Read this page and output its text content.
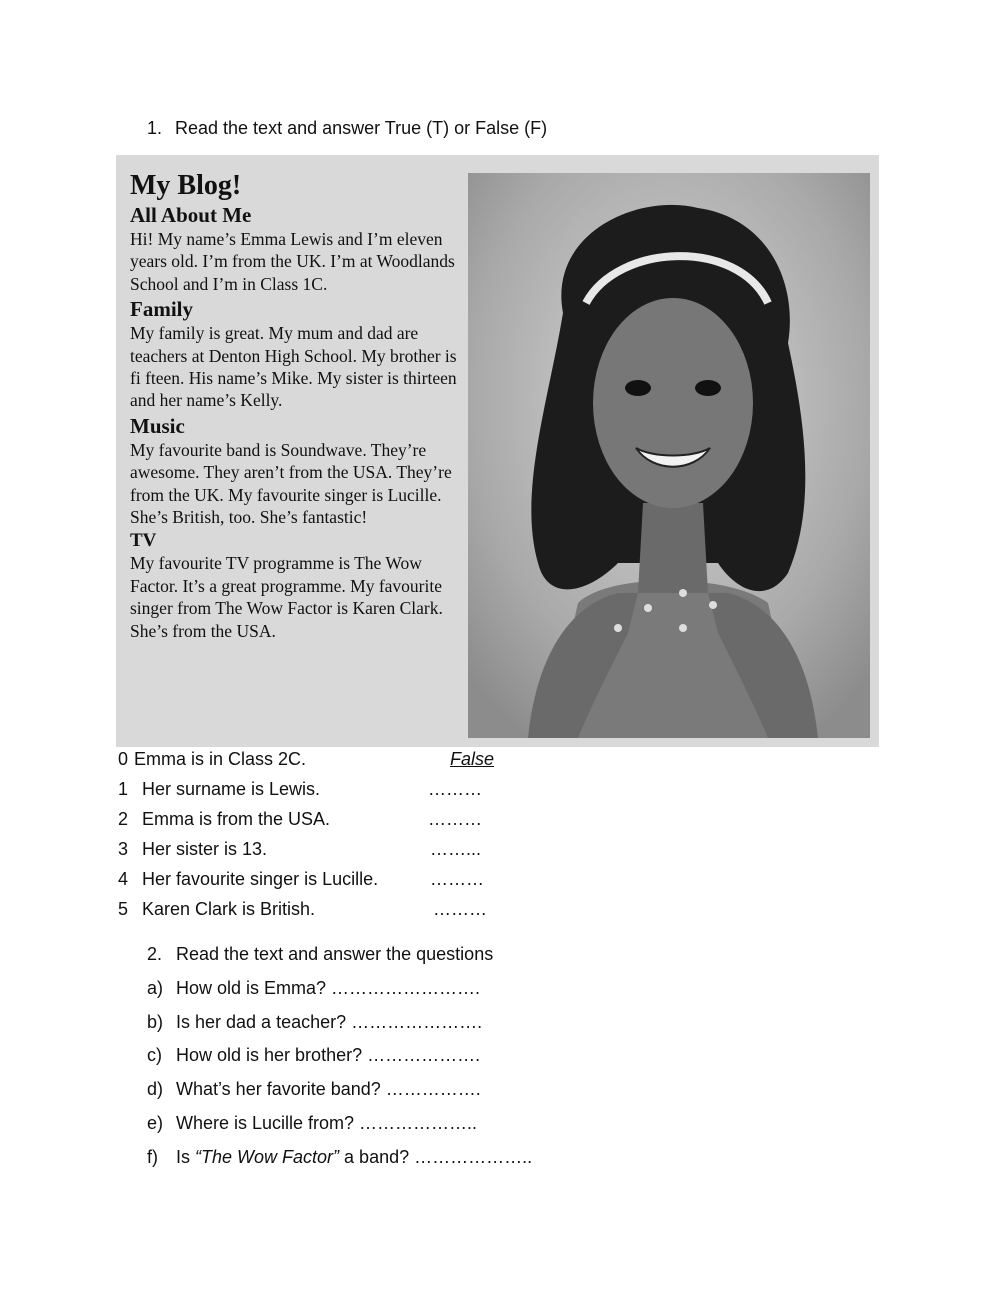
1. Read the text and answer True (T) or False (F)
My Blog!
All About Me

Hi! My name’s Emma Lewis and I’m eleven years old. I’m from the UK. I’m at Woodlands School and I’m in Class 1C.

Family

My family is great. My mum and dad are teachers at Denton High School. My brother is fi fteen. His name’s Mike. My sister is thirteen and her name’s Kelly.

Music

My favourite band is Soundwave. They’re awesome. They aren’t from the USA. They’re from the UK. My favourite singer is Lucille. She’s British, too. She’s fantastic!

TV

My favourite TV programme is The Wow Factor. It’s a great programme. My favourite singer from The Wow Factor is Karen Clark. She’s from the USA.

0 Emma is in Class 2C.	False
1 Her surname is Lewis.	………
2 Emma is from the USA.	………
3 Her sister is 13.	……...
4 Her favourite singer is Lucille.	………
5 Karen Clark is British.	………
2. Read the text and answer the questions
a) How old is Emma? …………………….
b) Is her dad a teacher? ………………….
c) How old is her brother? ……………….
d) What’s her favorite band? …………….
e) Where is Lucille from? ………………..
f) Is “The Wow Factor” a band? ………………..
